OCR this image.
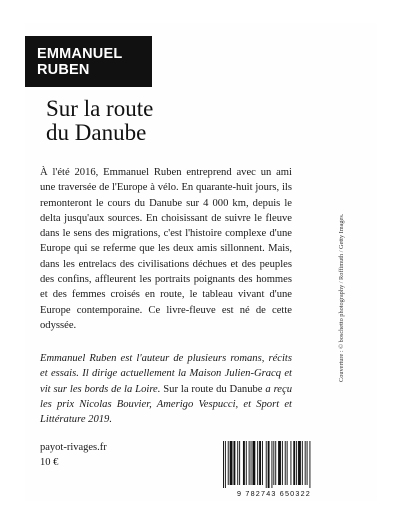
EMMANUEL
RUBEN
Sur la route
du Danube
À l'été 2016, Emmanuel Ruben entreprend avec un ami une traversée de l'Europe à vélo. En quarante-huit jours, ils remonteront le cours du Danube sur 4 000 km, depuis le delta jusqu'aux sources. En choisissant de suivre le fleuve dans le sens des migrations, c'est l'histoire complexe d'une Europe qui se referme que les deux amis sillonnent. Mais, dans les entrelacs des civilisations déchues et des peuples des confins, affleurent les portraits poignants des hommes et des femmes croisés en route, le tableau vivant d'une Europe contemporaine. Ce livre-fleuve est né de cette odyssée.
Emmanuel Ruben est l'auteur de plusieurs romans, récits et essais. Il dirige actuellement la Maison Julien-Gracq et vit sur les bords de la Loire. Sur la route du Danube a reçu les prix Nicolas Bouvier, Amerigo Vespucci, et Sport et Littérature 2019.
payot-rivages.fr
10 €
Couverture : © boschetto photography / Roffimuth / Getty Images.
9 782743 650322
